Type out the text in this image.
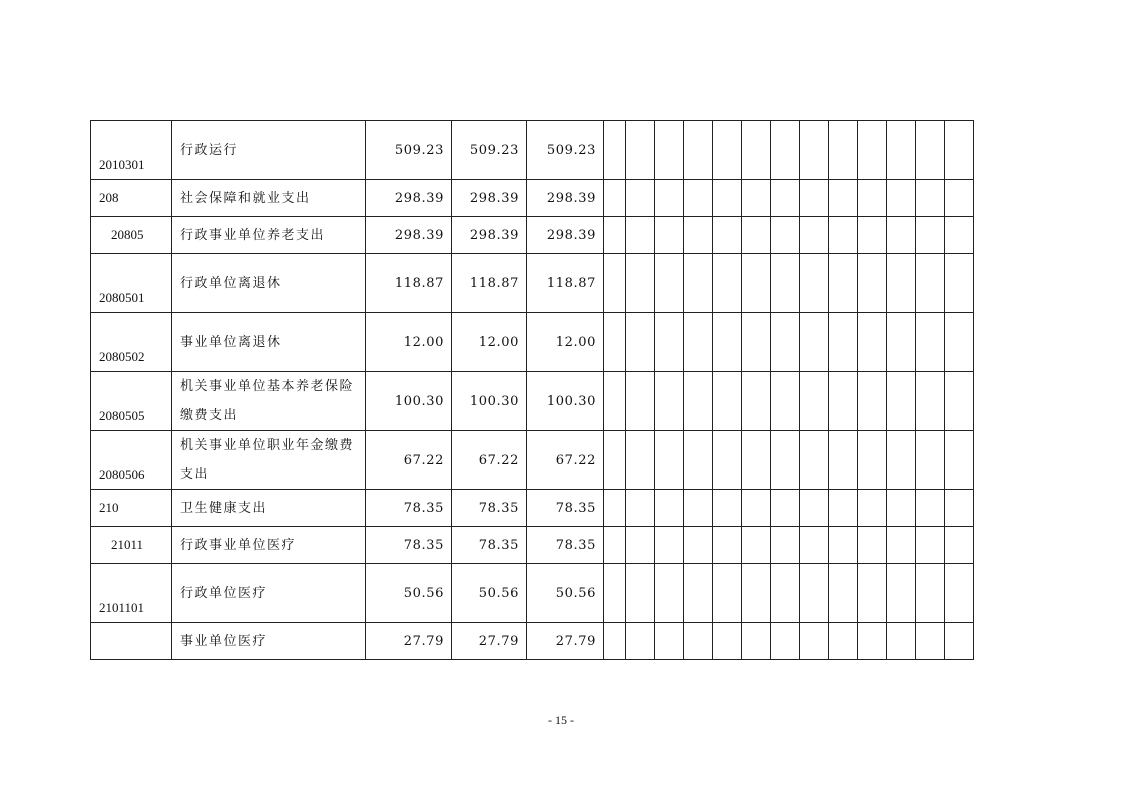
2010301	行政运行	509.23	509.23	509.23													

208	社会保障和就业支出	298.39	298.39	298.39													

20805	行政事业单位养老支出	298.39	298.39	298.39													

2080501	行政单位离退休	118.87	118.87	118.87													

2080502	事业单位离退休	12.00	12.00	12.00													

2080505	机关事业单位基本养老保险缴费支出	100.30	100.30	100.30													

2080506	机关事业单位职业年金缴费支出	67.22	67.22	67.22													

210	卫生健康支出	78.35	78.35	78.35													

21011	行政事业单位医疗	78.35	78.35	78.35													

2101101	行政单位医疗	50.56	50.56	50.56													

	事业单位医疗	27.79	27.79	27.79													
- 15 -
